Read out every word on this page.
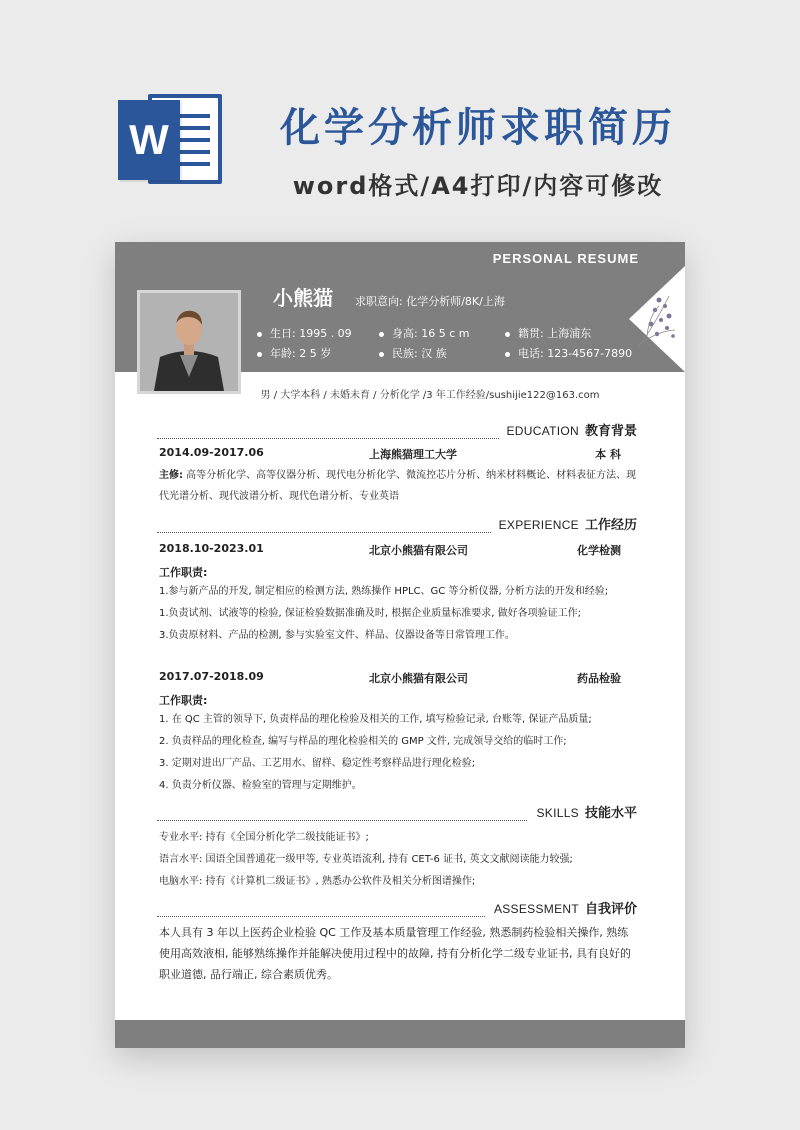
W	化学分析师求职简历
word格式/A4打印/内容可修改
PERSONAL RESUME
小熊猫 求职意向: 化学分析师/8K/上海
生日: 1995 . 09	身高: 16 5 c m	籍贯: 上海浦东
年龄: 2 5 岁	民族: 汉 族	电话: 123-4567-7890
男 / 大学本科 / 未婚未育 / 分析化学 /3 年工作经验/sushijie122@163.com
EDUCATION 教育背景
2014.09-2017.06	上海熊猫理工大学	本 科
主修: 高等分析化学、高等仪器分析、现代电分析化学、微流控芯片分析、纳米材料概论、材料表征方法、现代光谱分析、现代波谱分析、现代色谱分析、专业英语
EXPERIENCE 工作经历
2018.10-2023.01	北京小熊猫有限公司	化学检测
工作职责:
1.参与新产品的开发, 制定相应的检测方法, 熟练操作 HPLC、GC 等分析仪器, 分析方法的开发和经验;
1.负责试剂、试液等的检验, 保证检验数据准确及时, 根据企业质量标准要求, 做好各项验证工作;
3.负责原材料、产品的检测, 参与实验室文件、样品、仪器设备等日常管理工作。
2017.07-2018.09	北京小熊猫有限公司	药品检验
工作职责:
1. 在 QC 主管的领导下, 负责样品的理化检验及相关的工作, 填写检验记录, 台账等, 保证产品质量;
2. 负责样品的理化检查, 编写与样品的理化检验相关的 GMP 文件, 完成领导交给的临时工作;
3. 定期对进出厂产品、工艺用水、留样、稳定性考察样品进行理化检验;
4. 负责分析仪器、检验室的管理与定期维护。
SKILLS 技能水平
专业水平: 持有《全国分析化学二级技能证书》;
语言水平: 国语全国普通花一级甲等, 专业英语流利, 持有 CET-6 证书, 英文文献阅读能力较强;
电脑水平: 持有《计算机二级证书》, 熟悉办公软件及相关分析图谱操作;
ASSESSMENT 自我评价
本人具有 3 年以上医药企业检验 QC 工作及基本质量管理工作经验, 熟悉制药检验相关操作, 熟练使用高效液相, 能够熟练操作并能解决使用过程中的故障, 持有分析化学二级专业证书, 具有良好的职业道德, 品行端正, 综合素质优秀。
